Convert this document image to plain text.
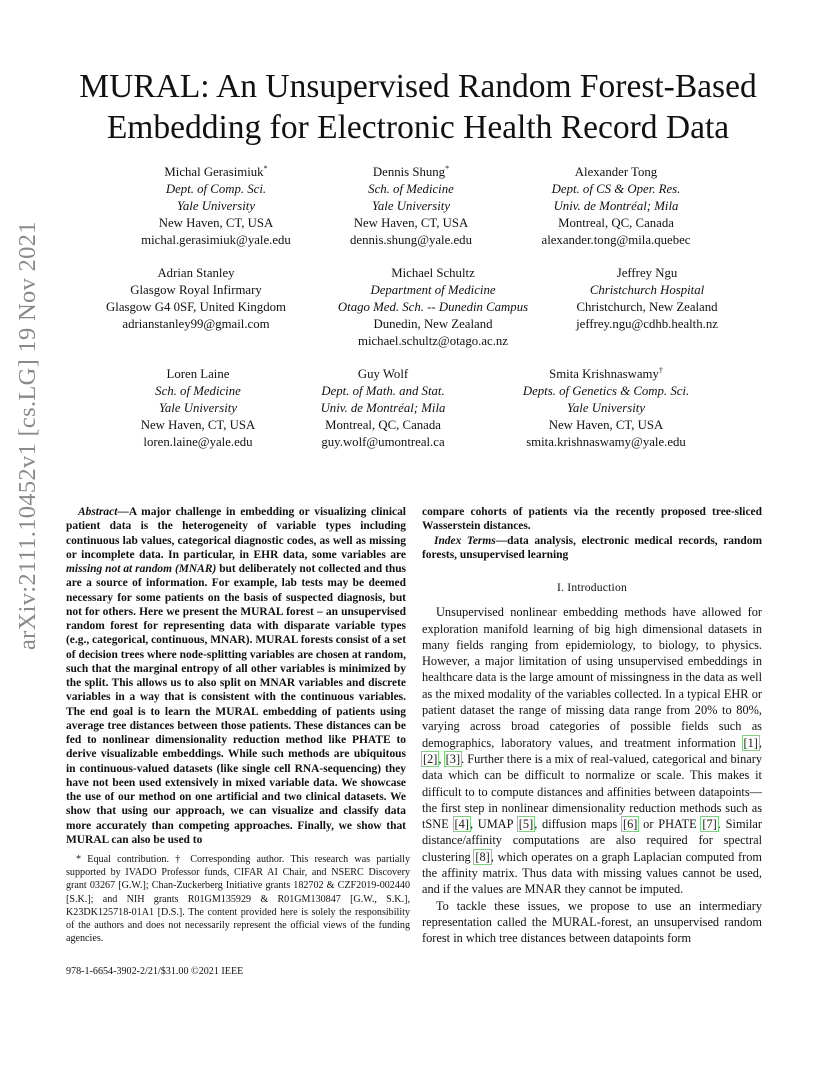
arXiv:2111.10452v1 [cs.LG] 19 Nov 2021
MURAL: An Unsupervised Random Forest-Based
Embedding for Electronic Health Record Data
Michal Gerasimiuk*
Dept. of Comp. Sci.
Yale University
New Haven, CT, USA
michal.gerasimiuk@yale.edu
Dennis Shung*
Sch. of Medicine
Yale University
New Haven, CT, USA
dennis.shung@yale.edu
Alexander Tong
Dept. of CS & Oper. Res.
Univ. de Montréal; Mila
Montreal, QC, Canada
alexander.tong@mila.quebec
Adrian Stanley
Glasgow Royal Infirmary
Glasgow G4 0SF, United Kingdom
adrianstanley99@gmail.com
Michael Schultz
Department of Medicine
Otago Med. Sch. -- Dunedin Campus
Dunedin, New Zealand
michael.schultz@otago.ac.nz
Jeffrey Ngu
Christchurch Hospital
Christchurch, New Zealand
jeffrey.ngu@cdhb.health.nz
Loren Laine
Sch. of Medicine
Yale University
New Haven, CT, USA
loren.laine@yale.edu
Guy Wolf
Dept. of Math. and Stat.
Univ. de Montréal; Mila
Montreal, QC, Canada
guy.wolf@umontreal.ca
Smita Krishnaswamy†
Depts. of Genetics & Comp. Sci.
Yale University
New Haven, CT, USA
smita.krishnaswamy@yale.edu

Abstract—A major challenge in embedding or visualizing clinical patient data is the heterogeneity of variable types including continuous lab values, categorical diagnostic codes, as well as missing or incomplete data. In particular, in EHR data, some variables are missing not at random (MNAR) but deliberately not collected and thus are a source of information. For example, lab tests may be deemed necessary for some patients on the basis of suspected diagnosis, but not for others. Here we present the MURAL forest – an unsupervised random forest for representing data with disparate variable types (e.g., categorical, continuous, MNAR). MURAL forests consist of a set of decision trees where node-splitting variables are chosen at random, such that the marginal entropy of all other variables is minimized by the split. This allows us to also split on MNAR variables and discrete variables in a way that is consistent with the continuous variables. The end goal is to learn the MURAL embedding of patients using average tree distances between those patients. These distances can be fed to nonlinear dimensionality reduction method like PHATE to derive visualizable embeddings. While such methods are ubiquitous in continuous-valued datasets (like single cell RNA-sequencing) they have not been used extensively in mixed variable data. We showcase the use of our method on one artificial and two clinical datasets. We show that using our approach, we can visualize and classify data more accurately than competing approaches. Finally, we show that MURAL can also be used to

* Equal contribution. † Corresponding author. This research was partially supported by IVADO Professor funds, CIFAR AI Chair, and NSERC Discovery grant 03267 [G.W.]; Chan-Zuckerberg Initiative grants 182702 & CZF2019-002440 [S.K.]; and NIH grants R01GM135929 & R01GM130847 [G.W., S.K.], K23DK125718-01A1 [D.S.]. The content provided here is solely the responsibility of the authors and does not necessarily represent the official views of the funding agencies.

978-1-6654-3902-2/21/$31.00 ©2021 IEEE

compare cohorts of patients via the recently proposed tree-sliced Wasserstein distances.

Index Terms—data analysis, electronic medical records, random forests, unsupervised learning

I. Introduction

Unsupervised nonlinear embedding methods have allowed for exploration manifold learning of big high dimensional datasets in many fields ranging from epidemiology, to biology, to physics. However, a major limitation of using unsupervised embeddings in healthcare data is the large amount of missingness in the data as well as the mixed modality of the variables collected. In a typical EHR or patient dataset the range of missing data range from 20% to 80%, varying across broad categories of possible fields such as demographics, laboratory values, and treatment information [1], [2], [3]. Further there is a mix of real-valued, categorical and binary data which can be difficult to normalize or scale. This makes it difficult to to compute distances and affinities between datapoints—the first step in nonlinear dimensionality reduction methods such as tSNE [4], UMAP [5], diffusion maps [6] or PHATE [7]. Similar distance/affinity computations are also required for spectral clustering [8], which operates on a graph Laplacian computed from the affinity matrix. Thus data with missing values cannot be used, and if the values are MNAR they cannot be imputed.

To tackle these issues, we propose to use an intermediary representation called the MURAL-forest, an unsupervised random forest in which tree distances between datapoints form
